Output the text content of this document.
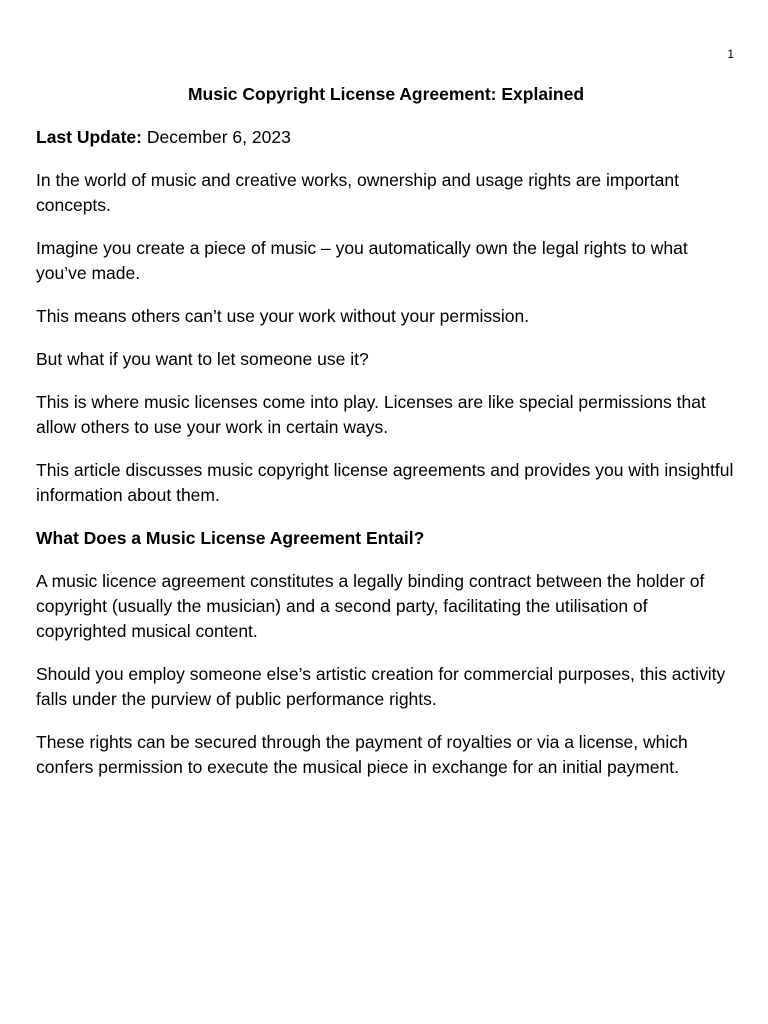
1
Music Copyright License Agreement: Explained

Last Update: December 6, 2023

In the world of music and creative works, ownership and usage rights are important concepts.

Imagine you create a piece of music – you automatically own the legal rights to what you’ve made.

This means others can’t use your work without your permission.

But what if you want to let someone use it?

This is where music licenses come into play. Licenses are like special permissions that allow others to use your work in certain ways.

This article discusses music copyright license agreements and provides you with insightful information about them.

What Does a Music License Agreement Entail?

A music licence agreement constitutes a legally binding contract between the holder of copyright (usually the musician) and a second party, facilitating the utilisation of copyrighted musical content.

Should you employ someone else’s artistic creation for commercial purposes, this activity falls under the purview of public performance rights.

These rights can be secured through the payment of royalties or via a license, which confers permission to execute the musical piece in exchange for an initial payment.
